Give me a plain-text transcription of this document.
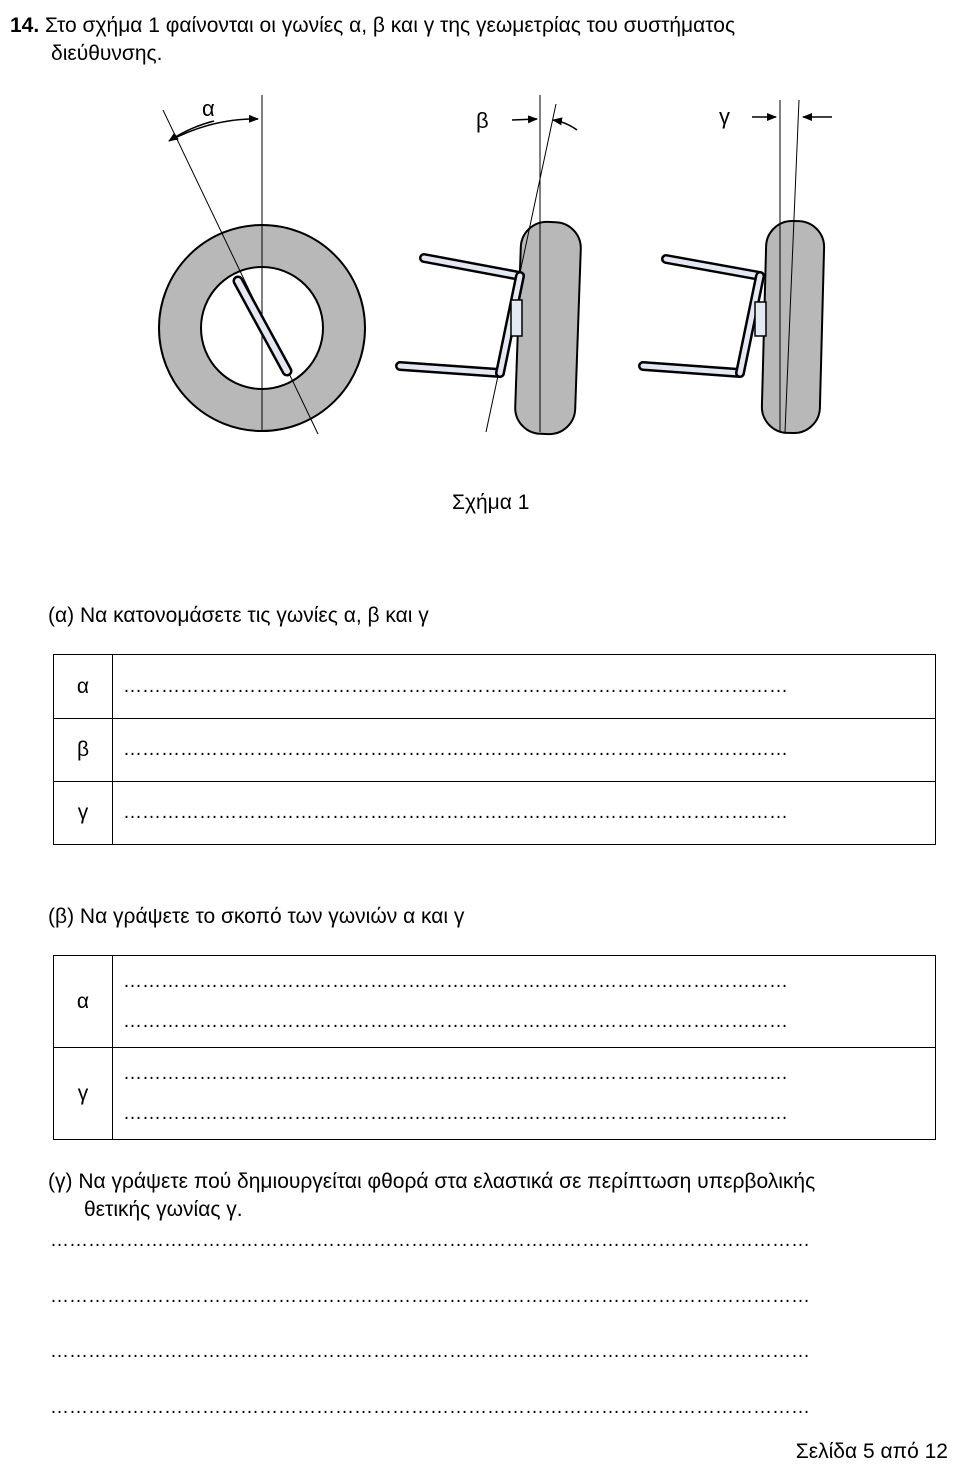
14. Στο σχήμα 1 φαίνονται οι γωνίες α, β και γ της γεωμετρίας του συστήματος
διεύθυνσης.
α	β	γ
Σχήμα 1
(α) Να κατονομάσετε τις γωνίες α, β και γ
α	……………………………………………………………………………………………

β	……………………………………………………………………………………………

γ	……………………………………………………………………………………………
(β) Να γράψετε το σκοπό των γωνιών α και γ
α	……………………………………………………………………………………………
……………………………………………………………………………………………

γ	……………………………………………………………………………………………
……………………………………………………………………………………………
(γ) Να γράψετε πού δημιουργείται φθορά στα ελαστικά σε περίπτωση υπερβολικής
θετικής γωνίας γ.
…………………………………………………………………………………………………………
…………………………………………………………………………………………………………
…………………………………………………………………………………………………………
…………………………………………………………………………………………………………
Σελίδα 5 από 12
